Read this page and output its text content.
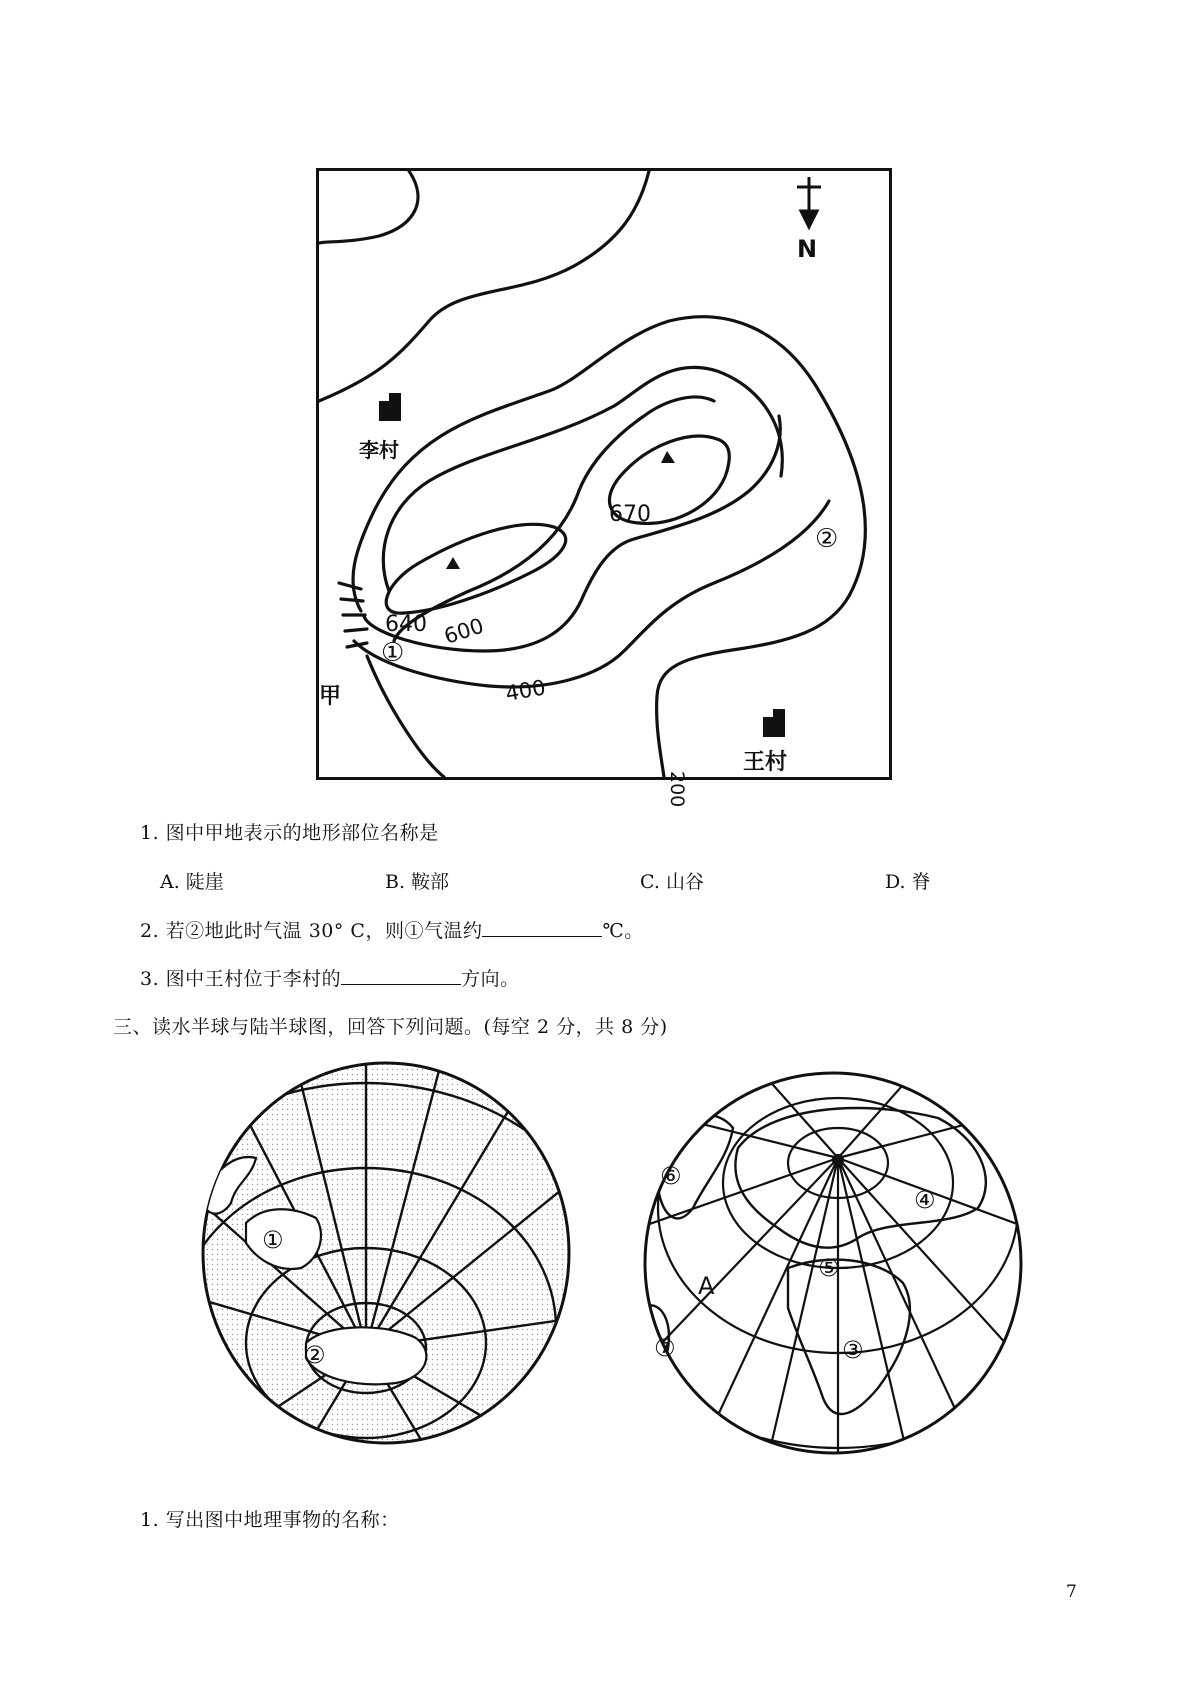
N
670
640 600
400
200
①
②
甲
李村
王村
1. 图中甲地表示的地形部位名称是
A. 陡崖	B. 鞍部	C. 山谷	D. 脊
2. 若②地此时气温 30° C，则①气温约	℃。
3. 图中王村位于李村的	方向。
三、读水半球与陆半球图，回答下列问题。(每空 2 分，共 8 分)
①
②
⑥
④
⑤
A
⑦	③
1. 写出图中地理事物的名称：
7
